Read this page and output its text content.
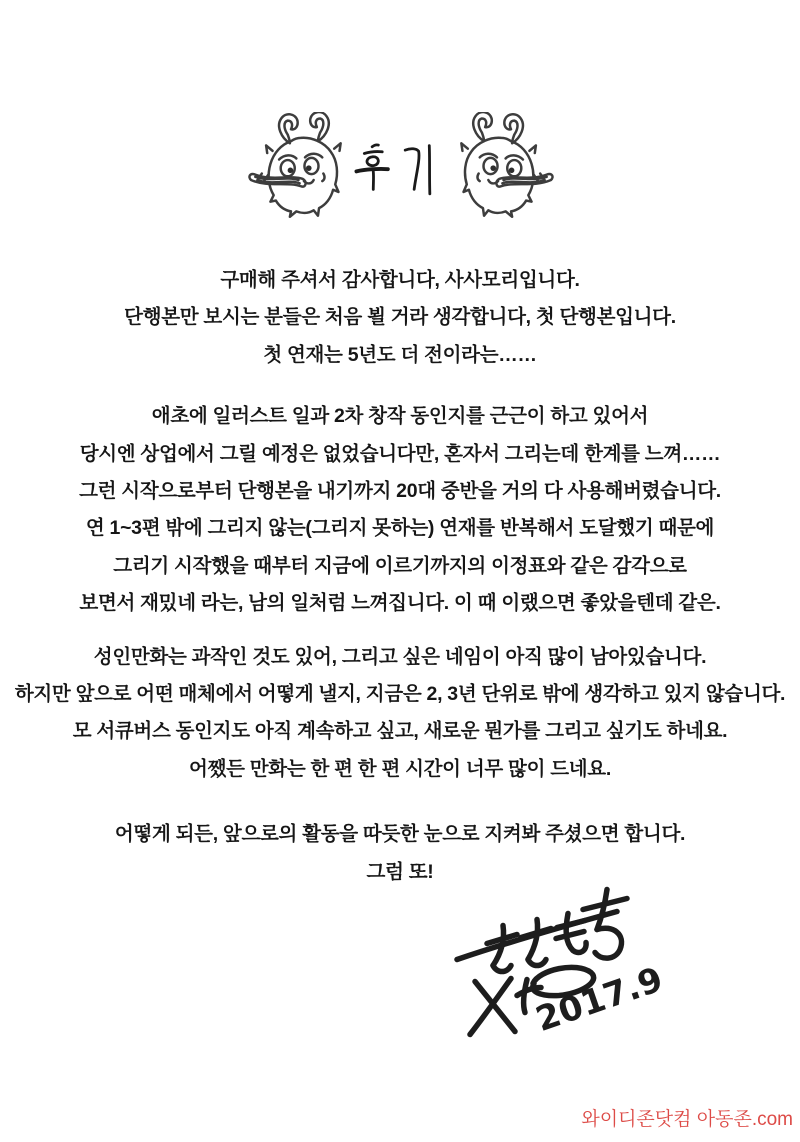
구매해 주셔서 감사합니다, 사사모리입니다.
단행본만 보시는 분들은 처음 뵐 거라 생각합니다, 첫 단행본입니다.
첫 연재는 5년도 더 전이라는……
애초에 일러스트 일과 2차 창작 동인지를 근근이 하고 있어서
당시엔 상업에서 그릴 예정은 없었습니다만, 혼자서 그리는데 한계를 느껴……
그런 시작으로부터 단행본을 내기까지 20대 중반을 거의 다 사용해버렸습니다.
연 1~3편 밖에 그리지 않는(그리지 못하는) 연재를 반복해서 도달했기 때문에
그리기 시작했을 때부터 지금에 이르기까지의 이정표와 같은 감각으로
보면서 재밌네 라는, 남의 일처럼 느껴집니다. 이 때 이랬으면 좋았을텐데 같은.
성인만화는 과작인 것도 있어, 그리고 싶은 네임이 아직 많이 남아있습니다.
하지만 앞으로 어떤 매체에서 어떻게 낼지, 지금은 2, 3년 단위로 밖에 생각하고 있지 않습니다.
모 서큐버스 동인지도 아직 계속하고 싶고, 새로운 뭔가를 그리고 싶기도 하네요.
어쨌든 만화는 한 편 한 편 시간이 너무 많이 드네요.
어떻게 되든, 앞으로의 활동을 따듯한 눈으로 지켜봐 주셨으면 합니다.
그럼 또!
2017.9
와이디존닷컴 아동존.com
